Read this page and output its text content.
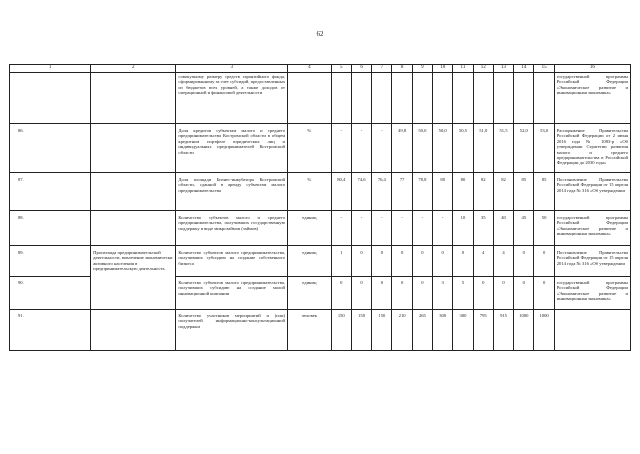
62
1	2	3	4	5	6	7	8	9	10	11	12	13	14	15	16
		совокупному размеру средств гарантийного фонда, сформированному за счет субсидий, предоставленных из бюджетов всех уровней, а также доходов от операционной и финансовой деятельности													государственной программы Российской Федерации «Экономическое развитие и инновационная экономика»
86.		Доля кредитов субъектам малого и среднего предпринимательства Костромской области в общем кредитном портфеле юридических лиц и индивидуальных предпринимателей Костромской области	%	-	-	-	49,8	50,0	50,0	50,5	51,0	51,5	52,0	53,0	Распоряжение Правительства Российской Федерации от 2 июня 2016 года № 1083-р «Об утверждении Стратегии развития малого и среднего предпринимательства в Российской Федерации до 2030 года»
87.		Доля площади Бизнес-инкубатора Костромской области, сданной в аренду субъектам малого предпринимательства	%	80,4	74,6	76,4	77	78,8	80	80	82	82	85	85	Постановление Правительства Российской Федерации от 15 апреля 2014 года № 316 «Об утверждении
88.		Количество субъектов малого и среднего предпринимательства, получивших государственную поддержку в виде микрозаймов (займов)	единиц	-	-	-	-	-	-	10	35	40	45	50	государственной программы Российской Федерации «Экономическое развитие и инновационная экономика»
89.	Пропаганда предпринимательской деятельности, вовлечение экономически активного населения в предпринимательскую деятельность	Количество субъектов малого предпринимательства, получивших субсидию на создание собственного бизнеса	единиц	1	0	0	0	0	0	0	4	4	0	0	Постановление Правительства Российской Федерации от 15 апреля 2014 года № 316 «Об утверждении
90.		Количество субъектов малого предпринимательства, получивших субсидию на создание малой инновационной компании	единиц	0	0	0	0	0	3	5	0	0	0	0	государственной программы Российской Федерации «Экономическое развитие и инновационная экономика»
91.		Количество участников мероприятий и (или) получателей информационно-консультационной поддержки	человек	150	150	150	210	265	300	300	795	915	1000	1000	
